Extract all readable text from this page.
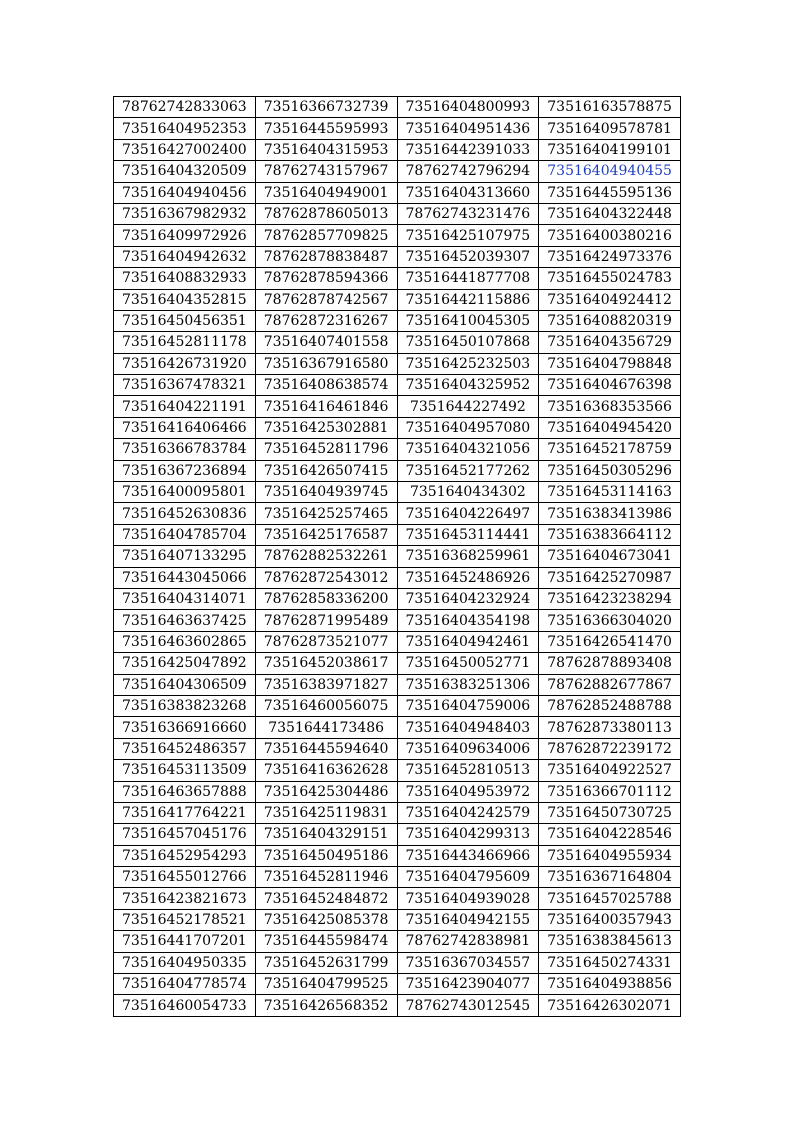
78762742833063	73516366732739	73516404800993	73516163578875
73516404952353	73516445595993	73516404951436	73516409578781
73516427002400	73516404315953	73516442391033	73516404199101
73516404320509	78762743157967	78762742796294	73516404940455
73516404940456	73516404949001	73516404313660	73516445595136
73516367982932	78762878605013	78762743231476	73516404322448
73516409972926	78762857709825	73516425107975	73516400380216
73516404942632	78762878838487	73516452039307	73516424973376
73516408832933	78762878594366	73516441877708	73516455024783
73516404352815	78762878742567	73516442115886	73516404924412
73516450456351	78762872316267	73516410045305	73516408820319
73516452811178	73516407401558	73516450107868	73516404356729
73516426731920	73516367916580	73516425232503	73516404798848
73516367478321	73516408638574	73516404325952	73516404676398
73516404221191	73516416461846	7351644227492	73516368353566
73516416406466	73516425302881	73516404957080	73516404945420
73516366783784	73516452811796	73516404321056	73516452178759
73516367236894	73516426507415	73516452177262	73516450305296
73516400095801	73516404939745	7351640434302	73516453114163
73516452630836	73516425257465	73516404226497	73516383413986
73516404785704	73516425176587	73516453114441	73516383664112
73516407133295	78762882532261	73516368259961	73516404673041
73516443045066	78762872543012	73516452486926	73516425270987
73516404314071	78762858336200	73516404232924	73516423238294
73516463637425	78762871995489	73516404354198	73516366304020
73516463602865	78762873521077	73516404942461	73516426541470
73516425047892	73516452038617	73516450052771	78762878893408
73516404306509	73516383971827	73516383251306	78762882677867
73516383823268	73516460056075	73516404759006	78762852488788
73516366916660	7351644173486	73516404948403	78762873380113
73516452486357	73516445594640	73516409634006	78762872239172
73516453113509	73516416362628	73516452810513	73516404922527
73516463657888	73516425304486	73516404953972	73516366701112
73516417764221	73516425119831	73516404242579	73516450730725
73516457045176	73516404329151	73516404299313	73516404228546
73516452954293	73516450495186	73516443466966	73516404955934
73516455012766	73516452811946	73516404795609	73516367164804
73516423821673	73516452484872	73516404939028	73516457025788
73516452178521	73516425085378	73516404942155	73516400357943
73516441707201	73516445598474	78762742838981	73516383845613
73516404950335	73516452631799	73516367034557	73516450274331
73516404778574	73516404799525	73516423904077	73516404938856
73516460054733	73516426568352	78762743012545	73516426302071
